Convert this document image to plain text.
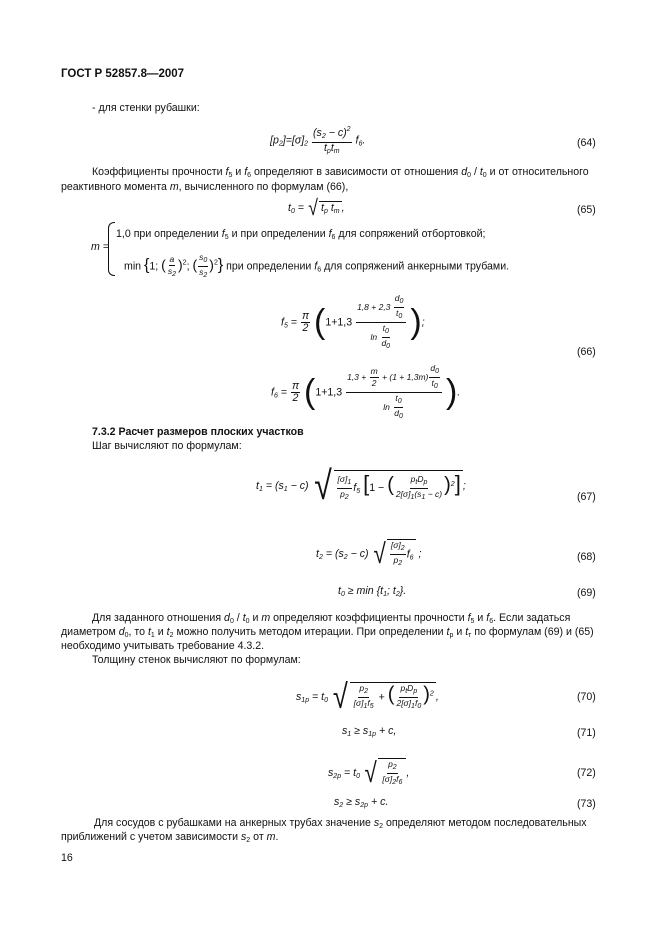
ГОСТ Р 52857.8—2007
- для стенки рубашки:
$[p_2]=[\sigma]_2 \frac{(s_2 - c)^2}{t_pt_т} f_6$.	(64)
Коэффициенты прочности $f_5$ и $f_6$ определяют в зависимости от отношения $d_0 / t_0$ и от относительного
реактивного момента m, вычисленного по формулам (66),
$t_0$ = √ $t_p$ $t_т$ ,	(65)
m =
1,0 при определении $f_5$ и при определении $f_6$ для сопряжений отбортовкой;
min {1; ( $\frac{a}{s_2} )^2$; ( $\frac{s_0}{s_2} )^2$} при определении $f_6$ для сопряжений анкерными трубами.
$f_5 = \frac{\pi}{2} (1+1,3 \frac{1,8 + 2,3 \frac{d_0}{t_0}}{\ln \frac{t_0}{d_0}}$ );
$f_6 = \frac{\pi}{2} (1+1,3 \frac{1,3 + \frac{m}{2} + (1 + 1,3m) \frac{d_0}{t_0}}{\ln \frac{t_0}{d_0}}$ ).
(66)
7.3.2 Расчет размеров плоских участков
Шаг вычисляют по формулам:
$t_1 = (s_1 - c)$ √ $\frac{[\sigma]_1}{p_2} f_5$ [1 − ( $\frac{p_tD_p}{2[\sigma]_1(s_1 - c)} )^2$] ;
(67)
$t_2 = (s_2 - c)$ √ $\frac{[\sigma]_2}{p_2} f_6$ ;	(68)
$t_0 \ge \min \{t_1$; $t_2$}.	(69)
Для заданного отношения $d_0 / t_0$ и m определяют коэффициенты прочности $f_5$ и $f_6$. Если задаться
диаметром $d_0$, то $t_1$ и $t_2$ можно получить методом итерации. При определении $t_p$ и $t_т$ по формулам (69) и (65)
необходимо учитывать требование 4.3.2.
Толщину стенок вычисляют по формулам:
$s_{1p} = t_0$ √ $\frac{p_2}{[\sigma]_1f_5}$ + ( $\frac{p_tD_p}{2[\sigma]_1f_0} )^2$ ,	(70)
$s_1 \ge s_{1p} + c$,	(71)
$s_{2p} = t_0$ √ $\frac{p_2}{[\sigma]_2f_6}$ ,	(72)
$s_2 \ge s_{2p} + c$.	(73)
Для сосудов с рубашками на анкерных трубах значение $s_2$ определяют методом последовательных
приближений с учетом зависимости $s_2$ от m.
16
